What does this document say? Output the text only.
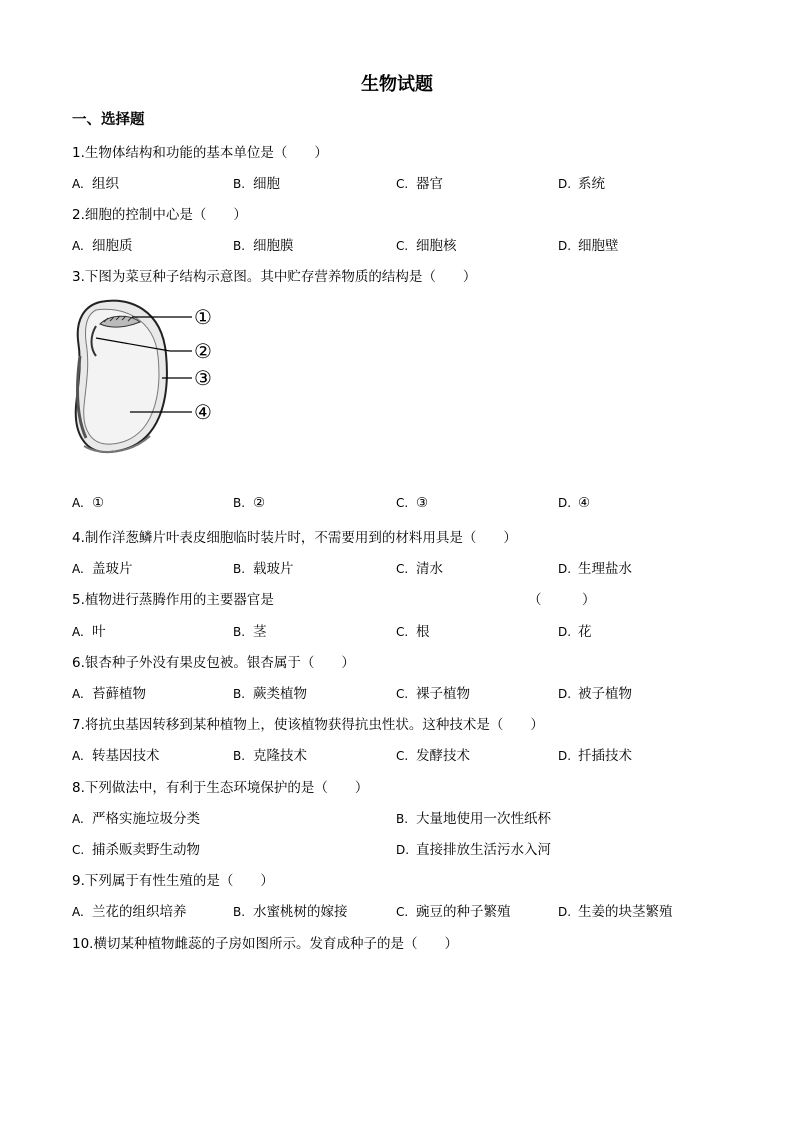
生物试题
一、选择题
1.生物体结构和功能的基本单位是（　　）
A. 组织	B. 细胞	C. 器官	D. 系统
2.细胞的控制中心是（　　）
A. 细胞质	B. 细胞膜	C. 细胞核	D. 细胞壁
3.下图为菜豆种子结构示意图。其中贮存营养物质的结构是（　　）
①
②
③
④
A. ①	B. ②	C. ③	D. ④
4.制作洋葱鳞片叶表皮细胞临时装片时，不需要用到的材料用具是（　　）
A. 盖玻片	B. 载玻片	C. 清水	D. 生理盐水
5.植物进行蒸腾作用的主要器官是	（　　　）
A. 叶	B. 茎	C. 根	D. 花
6.银杏种子外没有果皮包被。银杏属于（　　）
A. 苔藓植物	B. 蕨类植物	C. 裸子植物	D. 被子植物
7.将抗虫基因转移到某种植物上，使该植物获得抗虫性状。这种技术是（　　）
A. 转基因技术	B. 克隆技术	C. 发酵技术	D. 扦插技术
8.下列做法中，有利于生态环境保护的是（　　）
A. 严格实施垃圾分类	B. 大量地使用一次性纸杯
C. 捕杀贩卖野生动物	D. 直接排放生活污水入河
9.下列属于有性生殖的是（　　）
A. 兰花的组织培养	B. 水蜜桃树的嫁接	C. 豌豆的种子繁殖	D. 生姜的块茎繁殖
10.横切某种植物雌蕊的子房如图所示。发育成种子的是（　　）
